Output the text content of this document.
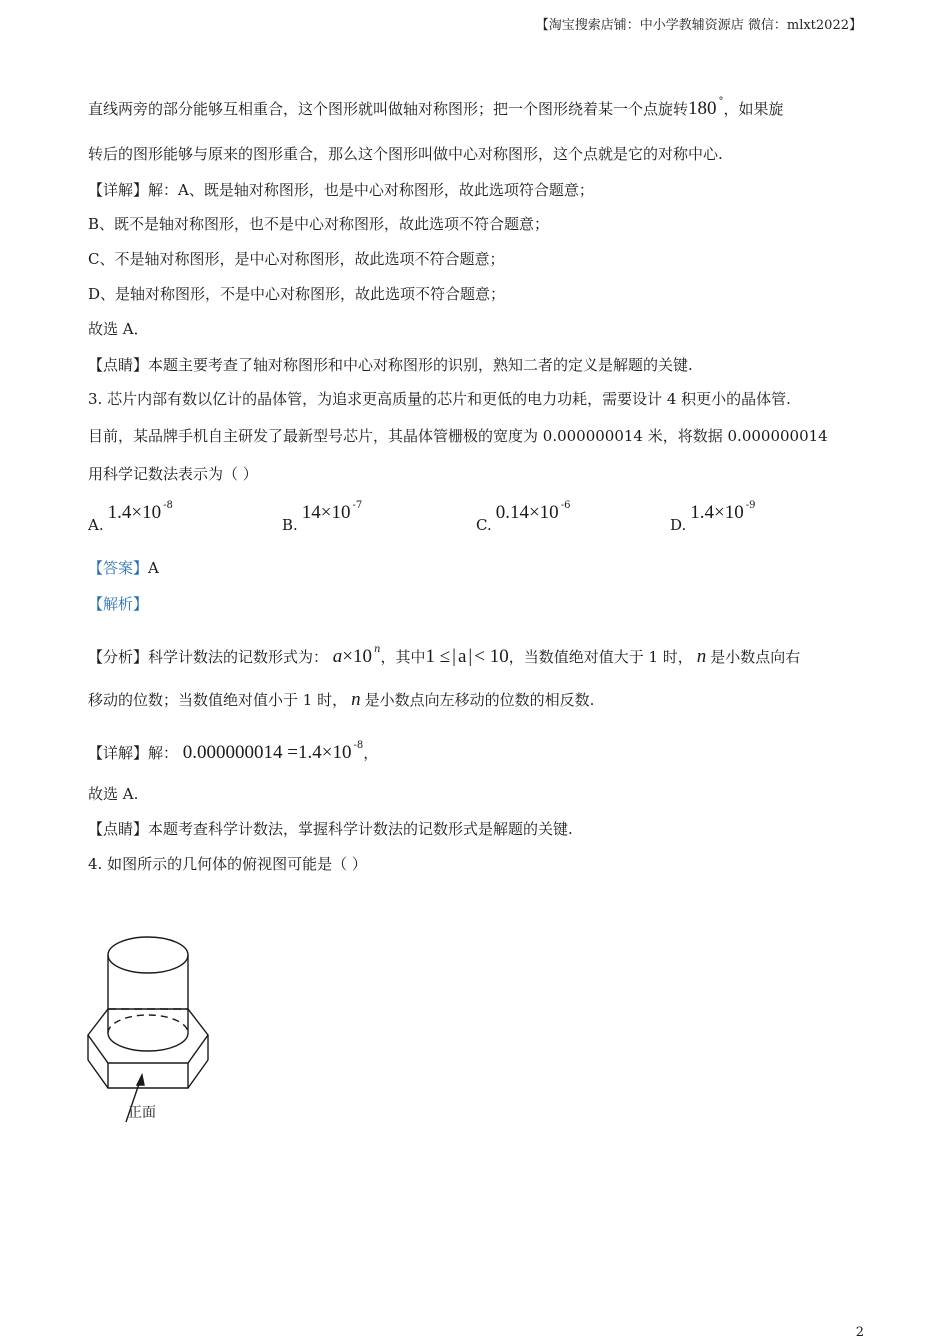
【淘宝搜索店铺：中小学教辅资源店 微信：mlxt2022】
直线两旁的部分能够互相重合，这个图形就叫做轴对称图形；把一个图形绕着某一个点旋转180 °，如果旋
转后的图形能够与原来的图形重合，那么这个图形叫做中心对称图形，这个点就是它的对称中心.
【详解】解：A、既是轴对称图形，也是中心对称图形，故此选项符合题意；
B、既不是轴对称图形，也不是中心对称图形，故此选项不符合题意；
C、不是轴对称图形，是中心对称图形，故此选项不符合题意；
D、是轴对称图形，不是中心对称图形，故此选项不符合题意；
故选 A．
【点睛】本题主要考查了轴对称图形和中心对称图形的识别，熟知二者的定义是解题的关键.
3. 芯片内部有数以亿计的晶体管，为追求更高质量的芯片和更低的电力功耗，需要设计 4 积更小的晶体管.
目前，某品牌手机自主研发了最新型号芯片，其晶体管栅极的宽度为 0.000000014 米，将数据 0.000000014
用科学记数法表示为（ ）
A.1.4×10 $^{-8}$
B.14×10 $^{-7}$
C.0.14×10 $^{-6}$
D.1.4×10 $^{-9}$
【答案】A
【解析】
【分析】科学计数法的记数形式为： a×10 $^n$，其中1 ≤ | a | < 10，当数值绝对值大于 1 时， n 是小数点向右
移动的位数；当数值绝对值小于 1 时， n 是小数点向左移动的位数的相反数.
【详解】解： 0.000000014 =1.4×10 $^{-8}$，
故选 A.
【点睛】本题考查科学计数法，掌握科学计数法的记数形式是解题的关键.
4. 如图所示的几何体的俯视图可能是（ ）
正面
2
